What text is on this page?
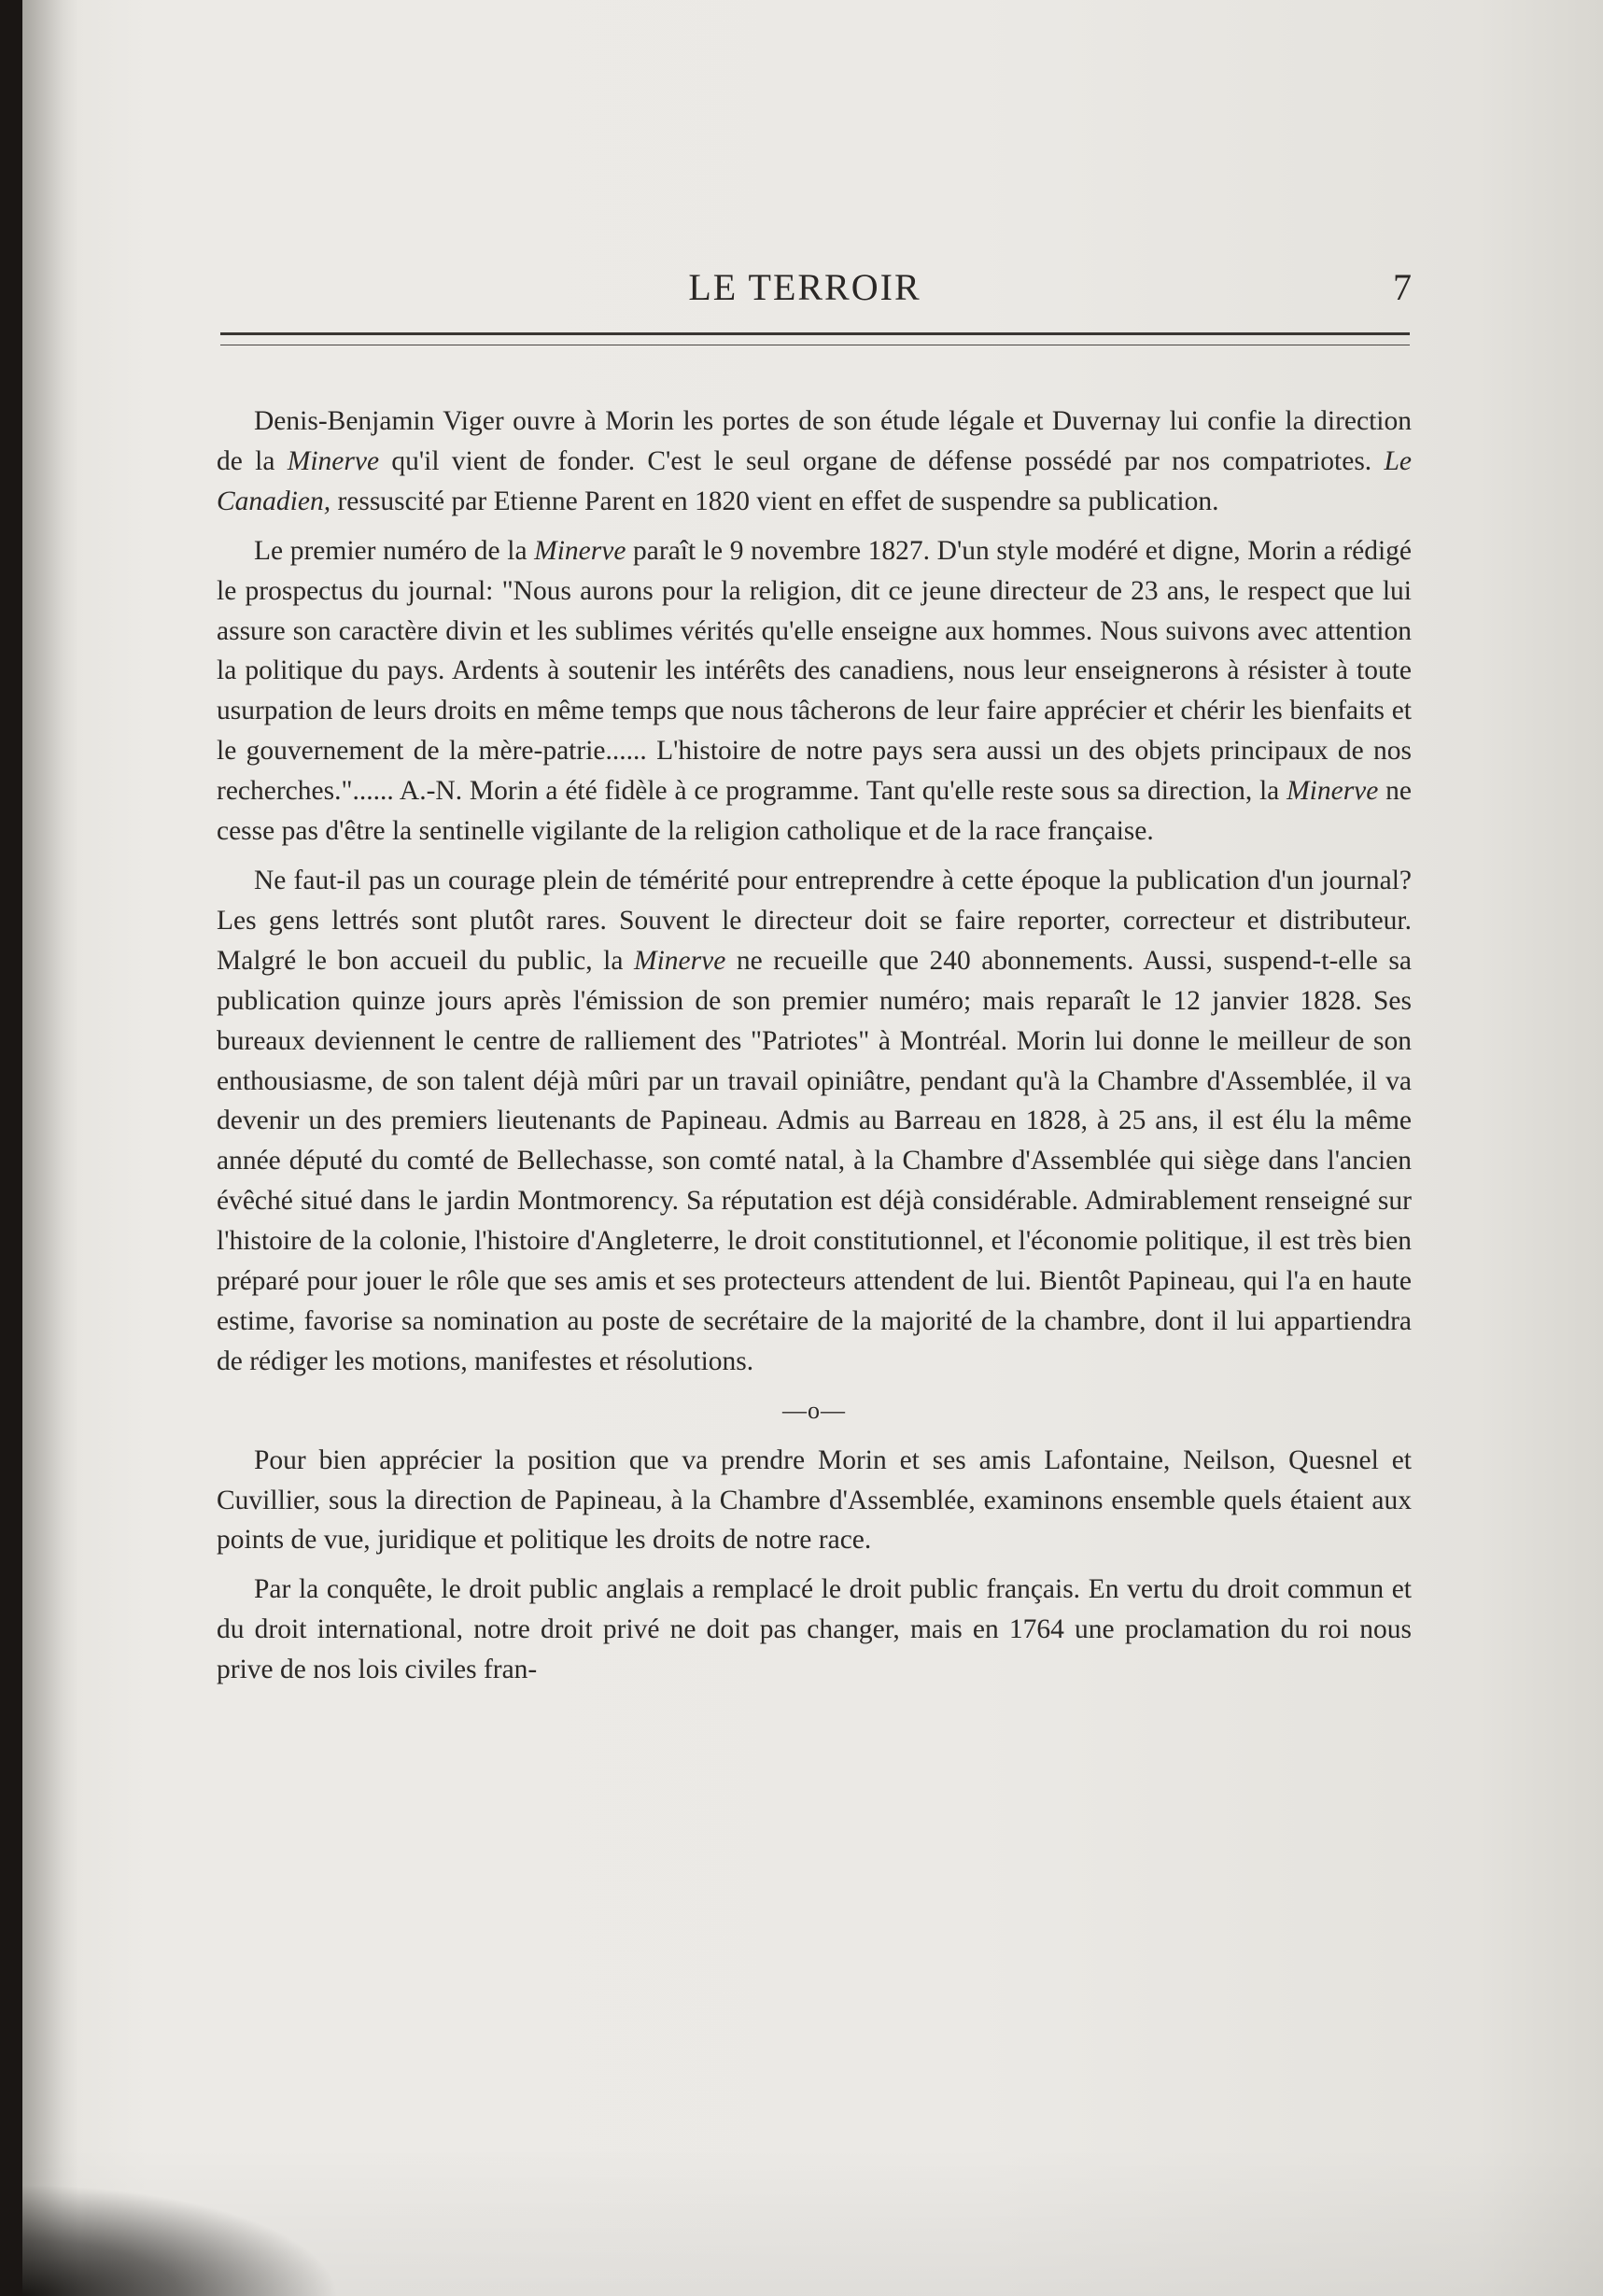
LE TERROIR	7

Denis-Benjamin Viger ouvre à Morin les portes de son étude légale et Duvernay lui confie la direction de la Minerve qu'il vient de fonder. C'est le seul organe de défense possédé par nos compatriotes. Le Canadien, ressuscité par Etienne Parent en 1820 vient en effet de suspendre sa publication.

Le premier numéro de la Minerve paraît le 9 novembre 1827. D'un style modéré et digne, Morin a rédigé le prospectus du journal: "Nous aurons pour la religion, dit ce jeune directeur de 23 ans, le respect que lui assure son caractère divin et les sublimes vérités qu'elle enseigne aux hommes. Nous suivons avec attention la politique du pays. Ardents à soutenir les intérêts des canadiens, nous leur enseignerons à résister à toute usurpation de leurs droits en même temps que nous tâcherons de leur faire apprécier et chérir les bienfaits et le gouvernement de la mère-patrie...... L'histoire de notre pays sera aussi un des objets principaux de nos recherches."...... A.-N. Morin a été fidèle à ce programme. Tant qu'elle reste sous sa direction, la Minerve ne cesse pas d'être la sentinelle vigilante de la religion catholique et de la race française.

Ne faut-il pas un courage plein de témérité pour entreprendre à cette époque la publication d'un journal? Les gens lettrés sont plutôt rares. Souvent le directeur doit se faire reporter, correcteur et distributeur. Malgré le bon accueil du public, la Minerve ne recueille que 240 abonnements. Aussi, suspend-t-elle sa publication quinze jours après l'émission de son premier numéro; mais reparaît le 12 janvier 1828. Ses bureaux deviennent le centre de ralliement des "Patriotes" à Montréal. Morin lui donne le meilleur de son enthousiasme, de son talent déjà mûri par un travail opiniâtre, pendant qu'à la Chambre d'Assemblée, il va devenir un des premiers lieutenants de Papineau. Admis au Barreau en 1828, à 25 ans, il est élu la même année député du comté de Bellechasse, son comté natal, à la Chambre d'Assemblée qui siège dans l'ancien évêché situé dans le jardin Montmorency. Sa réputation est déjà considérable. Admirablement renseigné sur l'histoire de la colonie, l'histoire d'Angleterre, le droit constitutionnel, et l'économie politique, il est très bien préparé pour jouer le rôle que ses amis et ses protecteurs attendent de lui. Bientôt Papineau, qui l'a en haute estime, favorise sa nomination au poste de secrétaire de la majorité de la chambre, dont il lui appartiendra de rédiger les motions, manifestes et résolutions.

—o—

Pour bien apprécier la position que va prendre Morin et ses amis Lafontaine, Neilson, Quesnel et Cuvillier, sous la direction de Papineau, à la Chambre d'Assemblée, examinons ensemble quels étaient aux points de vue, juridique et politique les droits de notre race.

Par la conquête, le droit public anglais a remplacé le droit public français. En vertu du droit commun et du droit international, notre droit privé ne doit pas changer, mais en 1764 une proclamation du roi nous prive de nos lois civiles fran-
